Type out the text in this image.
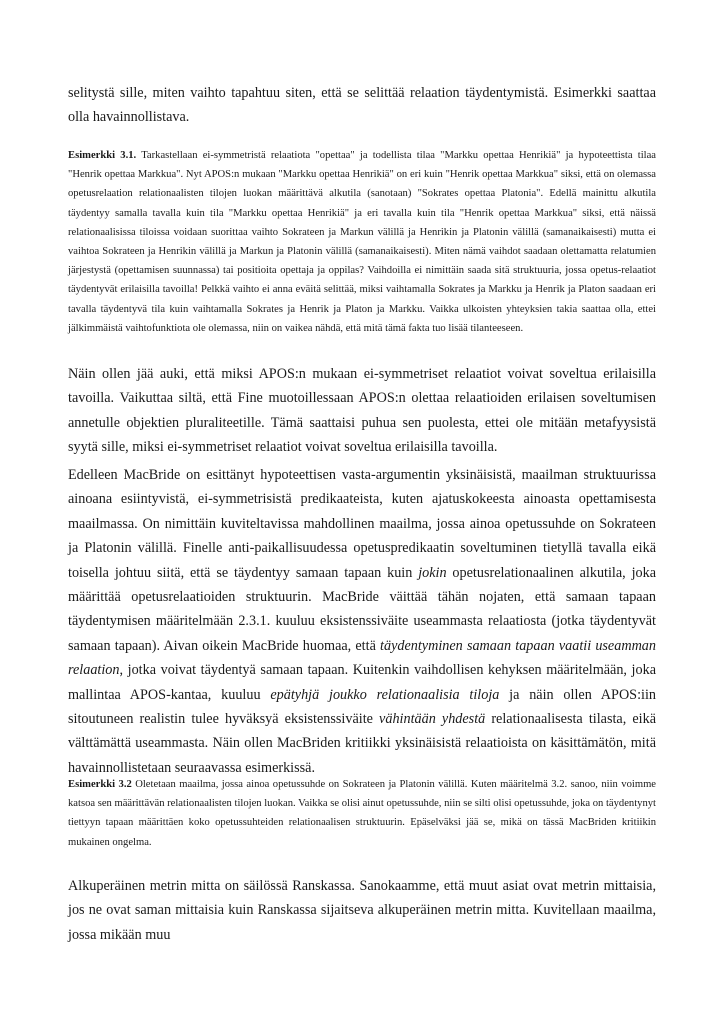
selitystä sille, miten vaihto tapahtuu siten, että se selittää relaation täydentymistä. Esimerkki saattaa olla havainnollistava.

Esimerkki 3.1. Tarkastellaan ei-symmetristä relaatiota "opettaa" ja todellista tilaa "Markku opettaa Henrikiä" ja hypoteettista tilaa "Henrik opettaa Markkua". Nyt APOS:n mukaan "Markku opettaa Henrikiä" on eri kuin "Henrik opettaa Markkua" siksi, että on olemassa opetusrelaation relationaalisten tilojen luokan määrittävä alkutila (sanotaan) "Sokrates opettaa Platonia". Edellä mainittu alkutila täydentyy samalla tavalla kuin tila "Markku opettaa Henrikiä" ja eri tavalla kuin tila "Henrik opettaa Markkua" siksi, että näissä relationaalisissa tiloissa voidaan suorittaa vaihto Sokrateen ja Markun välillä ja Henrikin ja Platonin välillä (samanaikaisesti) mutta ei vaihtoa Sokrateen ja Henrikin välillä ja Markun ja Platonin välillä (samanaikaisesti). Miten nämä vaihdot saadaan olettamatta relatumien järjestystä (opettamisen suunnassa) tai positioita opettaja ja oppilas? Vaihdoilla ei nimittäin saada sitä struktuuria, jossa opetus-relaatiot täydentyvät erilaisilla tavoilla! Pelkkä vaihto ei anna eväitä selittää, miksi vaihtamalla Sokrates ja Markku ja Henrik ja Platon saadaan eri tavalla täydentyvä tila kuin vaihtamalla Sokrates ja Henrik ja Platon ja Markku. Vaikka ulkoisten yhteyksien takia saattaa olla, ettei jälkimmäistä vaihtofunktiota ole olemassa, niin on vaikea nähdä, että mitä tämä fakta tuo lisää tilanteeseen.

Näin ollen jää auki, että miksi APOS:n mukaan ei-symmetriset relaatiot voivat soveltua erilaisilla tavoilla. Vaikuttaa siltä, että Fine muotoillessaan APOS:n olettaa relaatioiden erilaisen soveltumisen annetulle objektien pluraliteetille. Tämä saattaisi puhua sen puolesta, ettei ole mitään metafyysistä syytä sille, miksi ei-symmetriset relaatiot voivat soveltua erilaisilla tavoilla.

Edelleen MacBride on esittänyt hypoteettisen vasta-argumentin yksinäisistä, maailman struktuurissa ainoana esiintyvistä, ei-symmetrisistä predikaateista, kuten ajatuskokeesta ainoasta opettamisesta maailmassa. On nimittäin kuviteltavissa mahdollinen maailma, jossa ainoa opetussuhde on Sokrateen ja Platonin välillä. Finelle anti-paikallisuudessa opetuspredikaatin soveltuminen tietyllä tavalla eikä toisella johtuu siitä, että se täydentyy samaan tapaan kuin jokin opetusrelationaalinen alkutila, joka määrittää opetusrelaatioiden struktuurin. MacBride väittää tähän nojaten, että samaan tapaan täydentymisen määritelmään 2.3.1. kuuluu eksistenssiväite useammasta relaatiosta (jotka täydentyvät samaan tapaan). Aivan oikein MacBride huomaa, että täydentyminen samaan tapaan vaatii useamman relaation, jotka voivat täydentyä samaan tapaan. Kuitenkin vaihdollisen kehyksen määritelmään, joka mallintaa APOS-kantaa, kuuluu epätyhjä joukko relationaalisia tiloja ja näin ollen APOS:iin sitoutuneen realistin tulee hyväksyä eksistenssiväite vähintään yhdestä relationaalisesta tilasta, eikä välttämättä useammasta. Näin ollen MacBriden kritiikki yksinäisistä relaatioista on käsittämätön, mitä havainnollistetaan seuraavassa esimerkissä.

Esimerkki 3.2 Oletetaan maailma, jossa ainoa opetussuhde on Sokrateen ja Platonin välillä. Kuten määritelmä 3.2. sanoo, niin voimme katsoa sen määrittävän relationaalisten tilojen luokan. Vaikka se olisi ainut opetussuhde, niin se silti olisi opetussuhde, joka on täydentynyt tiettyyn tapaan määrittäen koko opetussuhteiden relationaalisen struktuurin. Epäselväksi jää se, mikä on tässä MacBriden kritiikin mukainen ongelma.

Alkuperäinen metrin mitta on säilössä Ranskassa. Sanokaamme, että muut asiat ovat metrin mittaisia, jos ne ovat saman mittaisia kuin Ranskassa sijaitseva alkuperäinen metrin mitta. Kuvitellaan maailma, jossa mikään muu
